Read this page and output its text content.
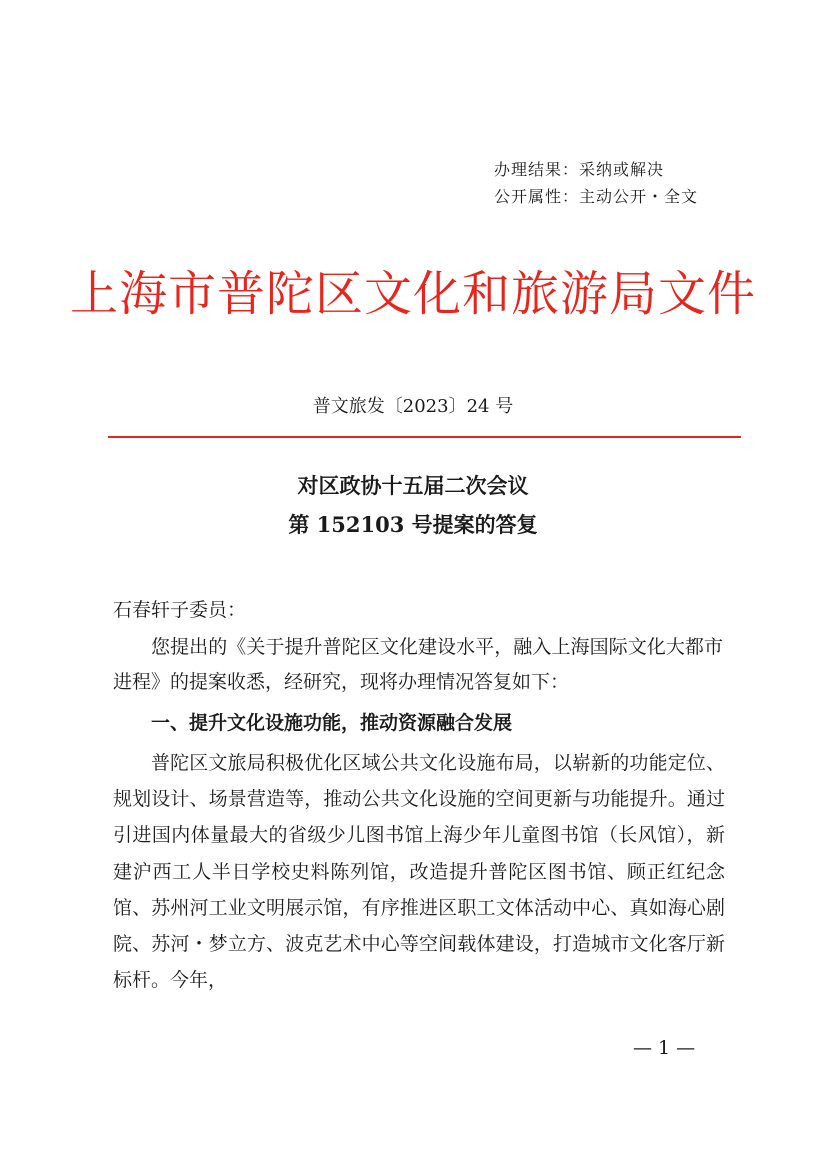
办理结果：采纳或解决
公开属性：主动公开・全文
上海市普陀区文化和旅游局文件
普文旅发〔2023〕24 号
对区政协十五届二次会议
第 152103 号提案的答复
石春轩子委员：

您提出的《关于提升普陀区文化建设水平，融入上海国际文化大都市进程》的提案收悉，经研究，现将办理情况答复如下：

一、提升文化设施功能，推动资源融合发展

普陀区文旅局积极优化区域公共文化设施布局，以崭新的功能定位、规划设计、场景营造等，推动公共文化设施的空间更新与功能提升。通过引进国内体量最大的省级少儿图书馆上海少年儿童图书馆（长风馆），新建沪西工人半日学校史料陈列馆，改造提升普陀区图书馆、顾正红纪念馆、苏州河工业文明展示馆，有序推进区职工文体活动中心、真如海心剧院、苏河・梦立方、波克艺术中心等空间载体建设，打造城市文化客厅新标杆。今年，

— 1 —
